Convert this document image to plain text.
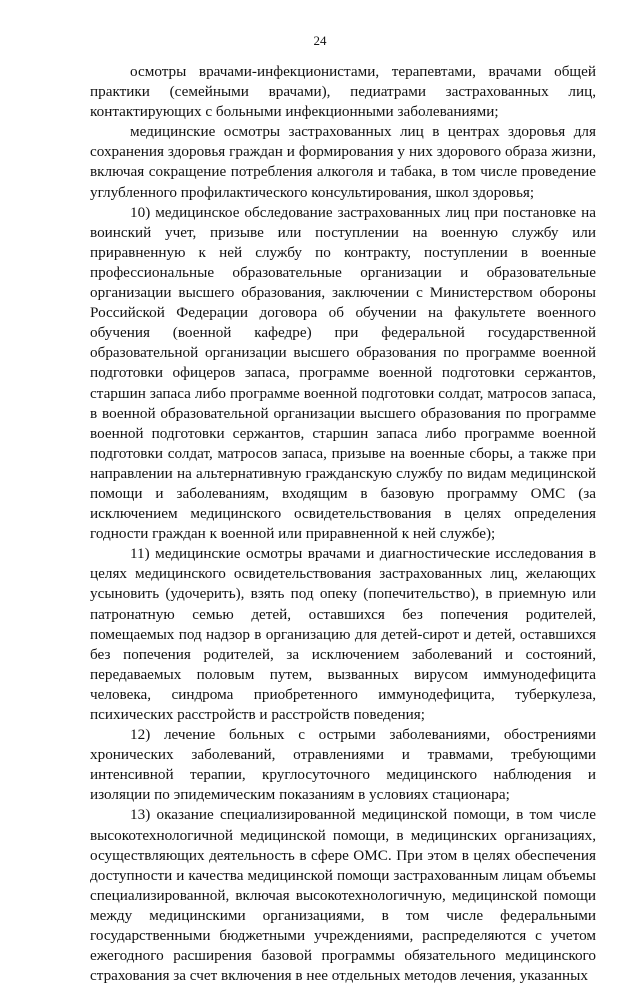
24

осмотры врачами-инфекционистами, терапевтами, врачами общей практики (семейными врачами), педиатрами застрахованных лиц, контактирующих с больными инфекционными заболеваниями;

медицинские осмотры застрахованных лиц в центрах здоровья для сохранения здоровья граждан и формирования у них здорового образа жизни, включая сокращение потребления алкоголя и табака, в том числе проведение углубленного профилактического консультирования, школ здоровья;

10) медицинское обследование застрахованных лиц при постановке на воинский учет, призыве или поступлении на военную службу или приравненную к ней службу по контракту, поступлении в военные профессиональные образовательные организации и образовательные организации высшего образования, заключении с Министерством обороны Российской Федерации договора об обучении на факультете военного обучения (военной кафедре) при федеральной государственной образовательной организации высшего образования по программе военной подготовки офицеров запаса, программе военной подготовки сержантов, старшин запаса либо программе военной подготовки солдат, матросов запаса, в военной образовательной организации высшего образования по программе военной подготовки сержантов, старшин запаса либо программе военной подготовки солдат, матросов запаса, призыве на военные сборы, а также при направлении на альтернативную гражданскую службу по видам медицинской помощи и заболеваниям, входящим в базовую программу ОМС (за исключением медицинского освидетельствования в целях определения годности граждан к военной или приравненной к ней службе);

11) медицинские осмотры врачами и диагностические исследования в целях медицинского освидетельствования застрахованных лиц, желающих усыновить (удочерить), взять под опеку (попечительство), в приемную или патронатную семью детей, оставшихся без попечения родителей, помещаемых под надзор в организацию для детей-сирот и детей, оставшихся без попечения родителей, за исключением заболеваний и состояний, передаваемых половым путем, вызванных вирусом иммунодефицита человека, синдрома приобретенного иммунодефицита, туберкулеза, психических расстройств и расстройств поведения;

12) лечение больных с острыми заболеваниями, обострениями хронических заболеваний, отравлениями и травмами, требующими интенсивной терапии, круглосуточного медицинского наблюдения и изоляции по эпидемическим показаниям в условиях стационара;

13) оказание специализированной медицинской помощи, в том числе высокотехнологичной медицинской помощи, в медицинских организациях, осуществляющих деятельность в сфере ОМС. При этом в целях обеспечения доступности и качества медицинской помощи застрахованным лицам объемы специализированной, включая высокотехнологичную, медицинской помощи между медицинскими организациями, в том числе федеральными государственными бюджетными учреждениями, распределяются с учетом ежегодного расширения базовой программы обязательного медицинского страхования за счет включения в нее отдельных методов лечения, указанных
